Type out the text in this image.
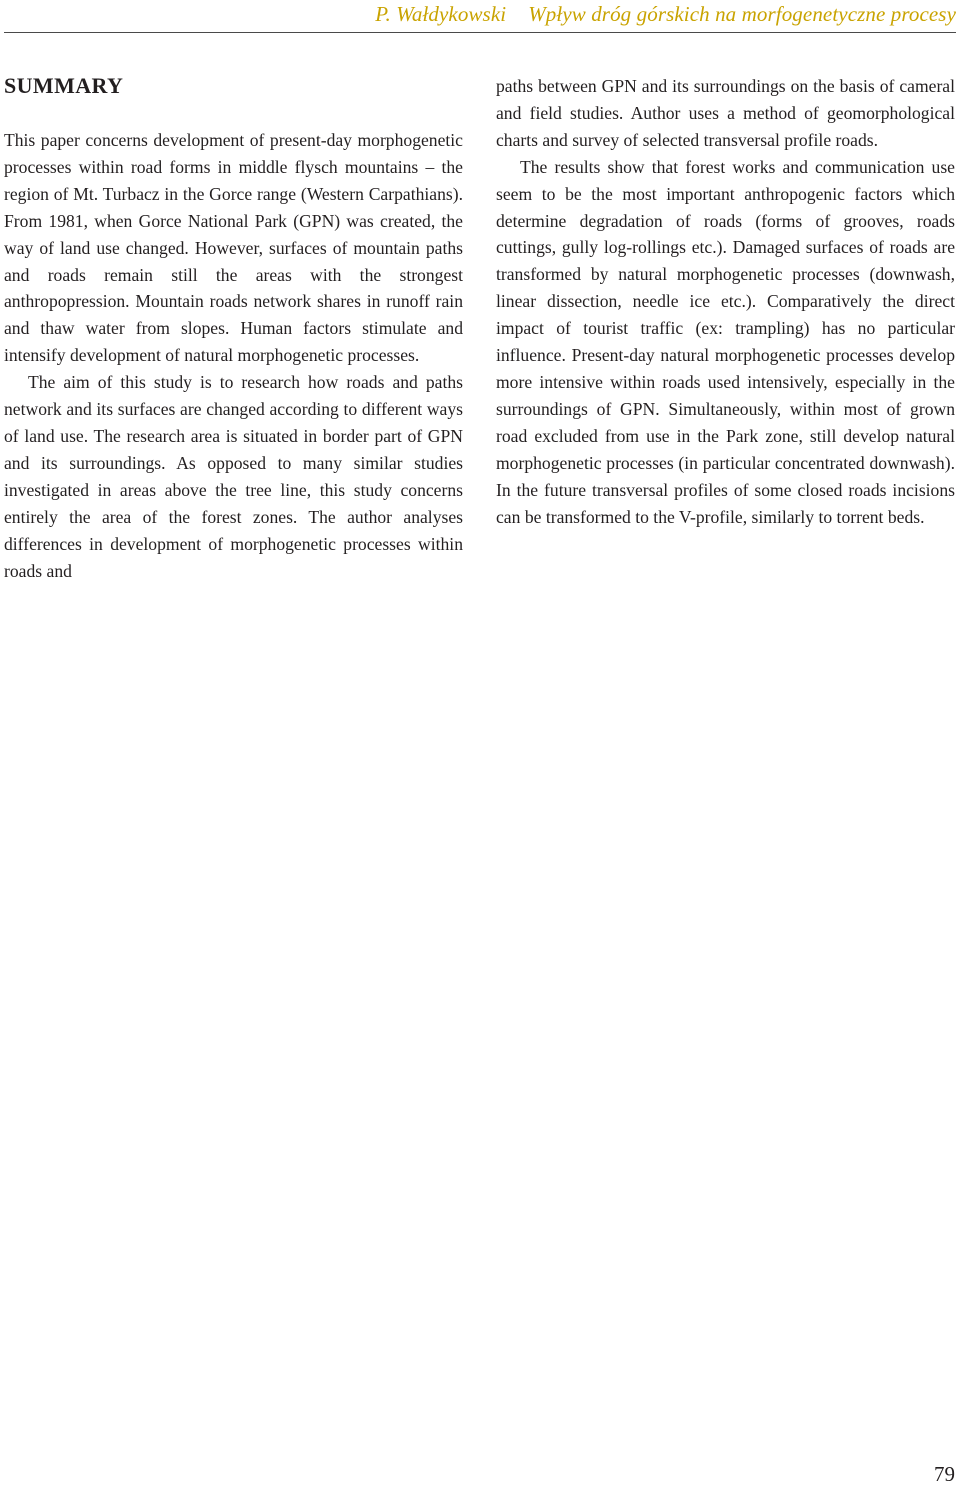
P. Wałdykowski Wpływ dróg górskich na morfogenetyczne procesy
SUMMARY

This paper concerns development of present-day morphogenetic processes within road forms in middle flysch mountains – the region of Mt. Turbacz in the Gorce range (Western Carpathians). From 1981, when Gorce National Park (GPN) was created, the way of land use changed. However, surfaces of mountain paths and roads remain still the areas with the strongest anthropopression. Mountain roads network shares in runoff rain and thaw water from slopes. Human factors stimulate and intensify development of natural morphogenetic processes.

The aim of this study is to research how roads and paths network and its surfaces are changed according to different ways of land use. The research area is situated in border part of GPN and its surroundings. As opposed to many similar studies investigated in areas above the tree line, this study concerns entirely the area of the forest zones. The author analyses differences in development of morphogenetic processes within roads and

paths between GPN and its surroundings on the basis of cameral and field studies. Author uses a method of geomorphological charts and survey of selected transversal profile roads.

The results show that forest works and communication use seem to be the most important anthropogenic factors which determine degradation of roads (forms of grooves, roads cuttings, gully log-rollings etc.). Damaged surfaces of roads are transformed by natural morphogenetic processes (downwash, linear dissection, needle ice etc.). Comparatively the direct impact of tourist traffic (ex: trampling) has no particular influence. Present-day natural morphogenetic processes develop more intensive within roads used intensively, especially in the surroundings of GPN. Simultaneously, within most of grown road excluded from use in the Park zone, still develop natural morphogenetic processes (in particular concentrated downwash). In the future transversal profiles of some closed roads incisions can be transformed to the V-profile, similarly to torrent beds.

79
